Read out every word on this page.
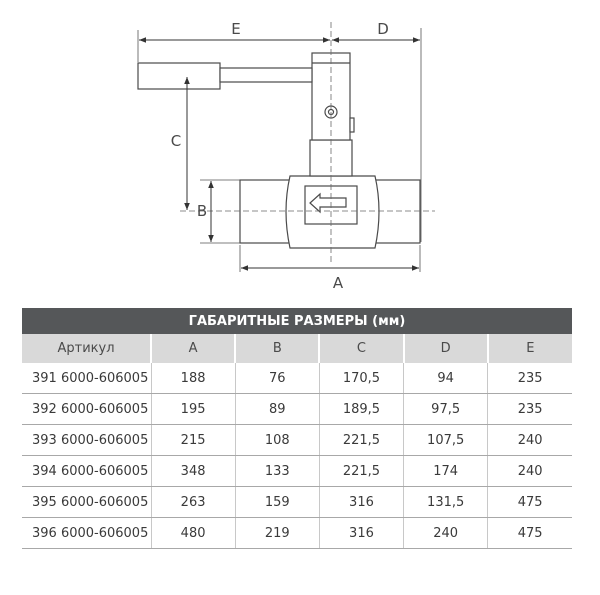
E	D
C
B
A
ГАБАРИТНЫЕ РАЗМЕРЫ (мм)					
Артикул	A	B	C	D	E
391 6000-606005	188	76	170,5	94	235
392 6000-606005	195	89	189,5	97,5	235
393 6000-606005	215	108	221,5	107,5	240
394 6000-606005	348	133	221,5	174	240
395 6000-606005	263	159	316	131,5	475
396 6000-606005	480	219	316	240	475
